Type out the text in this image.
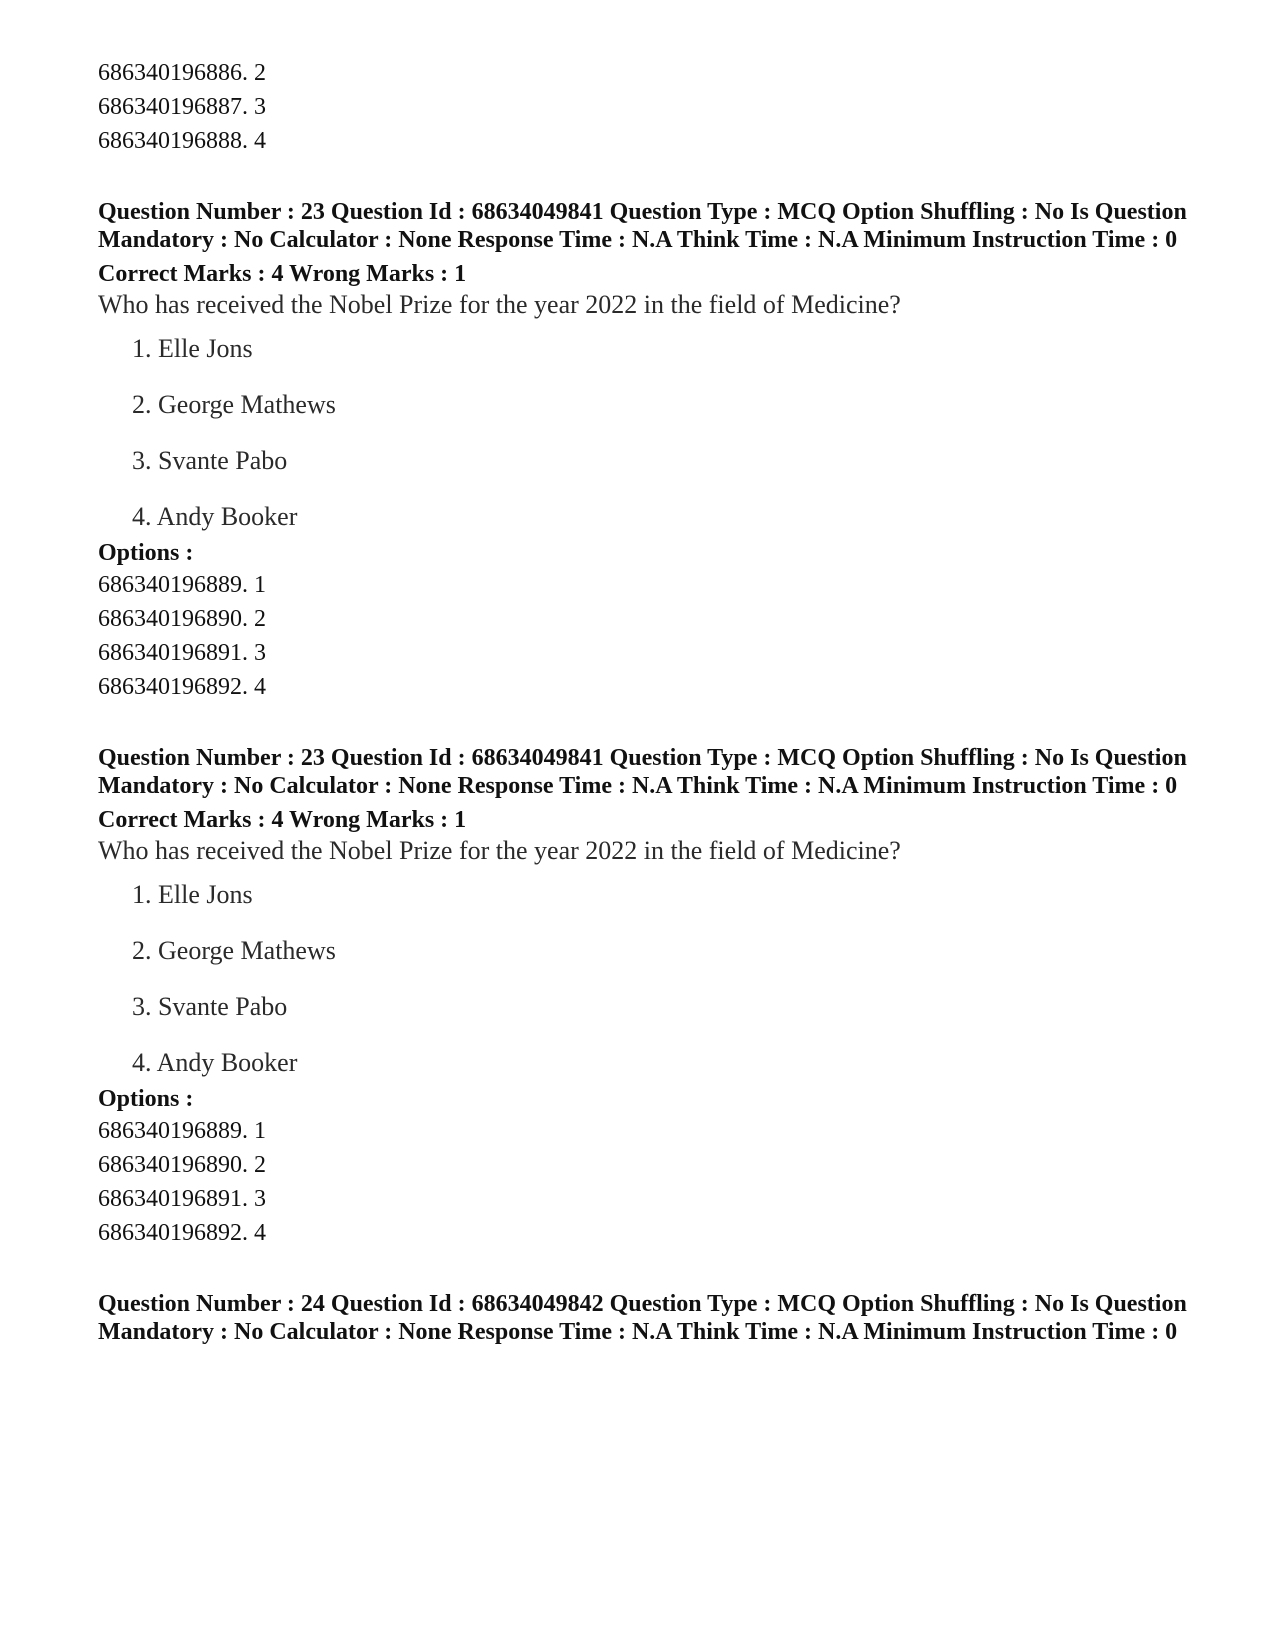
686340196886. 2
686340196887. 3
686340196888. 4

Question Number : 23 Question Id : 68634049841 Question Type : MCQ Option Shuffling : No Is Question Mandatory : No Calculator : None Response Time : N.A Think Time : N.A Minimum Instruction Time : 0

Correct Marks : 4 Wrong Marks : 1
Who has received the Nobel Prize for the year 2022 in the field of Medicine?
1. Elle Jons
2. George Mathews
3. Svante Pabo
4. Andy Booker
Options :
686340196889. 1
686340196890. 2
686340196891. 3
686340196892. 4

Question Number : 23 Question Id : 68634049841 Question Type : MCQ Option Shuffling : No Is Question Mandatory : No Calculator : None Response Time : N.A Think Time : N.A Minimum Instruction Time : 0

Correct Marks : 4 Wrong Marks : 1
Who has received the Nobel Prize for the year 2022 in the field of Medicine?
1. Elle Jons
2. George Mathews
3. Svante Pabo
4. Andy Booker
Options :
686340196889. 1
686340196890. 2
686340196891. 3
686340196892. 4

Question Number : 24 Question Id : 68634049842 Question Type : MCQ Option Shuffling : No Is Question Mandatory : No Calculator : None Response Time : N.A Think Time : N.A Minimum Instruction Time : 0
